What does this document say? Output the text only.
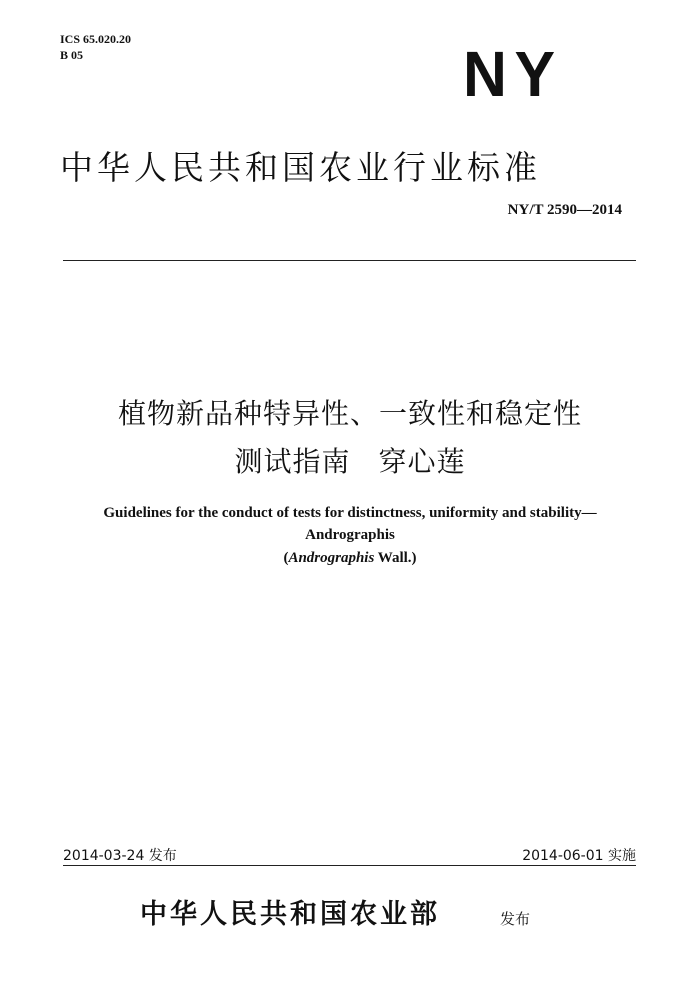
ICS 65.020.20
B 05	NY
中华人民共和国农业行业标准
NY/T 2590—2014
植物新品种特异性、一致性和稳定性
测试指南 穿心莲
Guidelines for the conduct of tests for distinctness, uniformity and stability—
Andrographis
(Andrographis Wall.)
2014-03-24 发布	2014-06-01 实施
中华人民共和国农业部	发布
